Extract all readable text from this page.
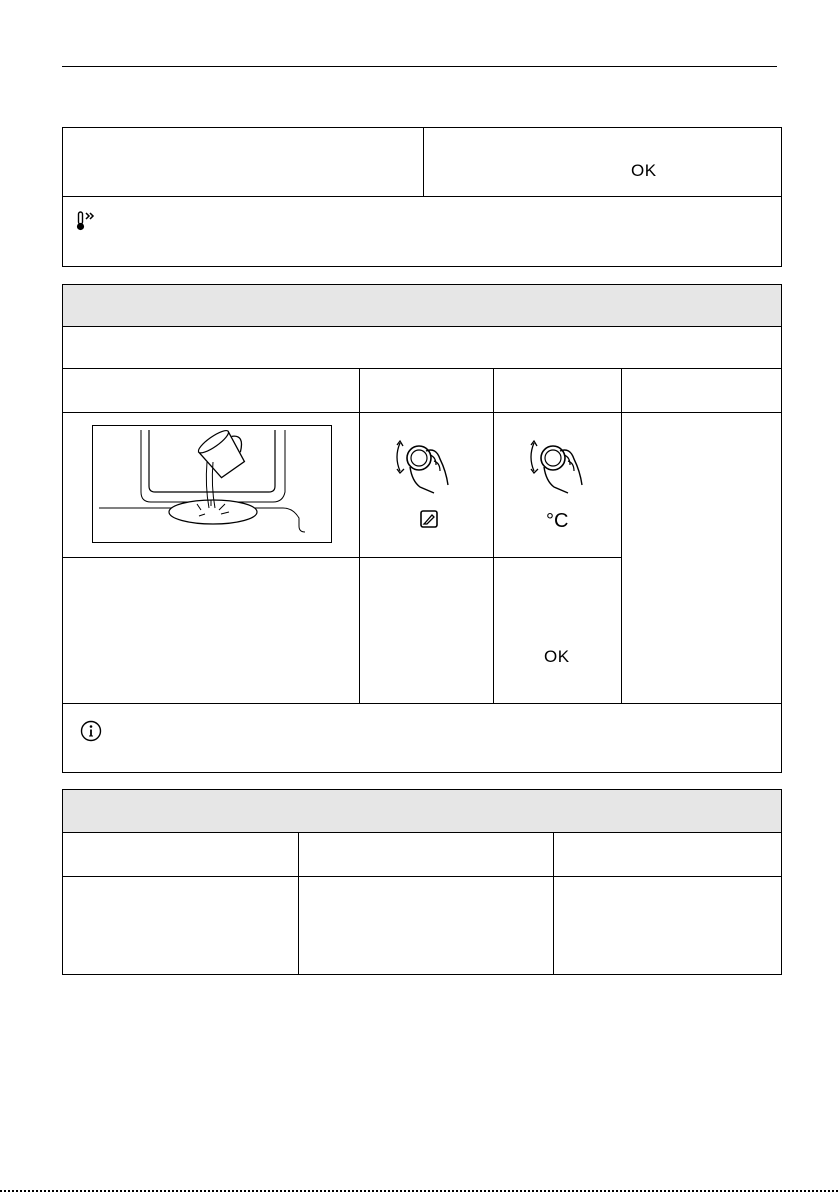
OK
°C
OK
